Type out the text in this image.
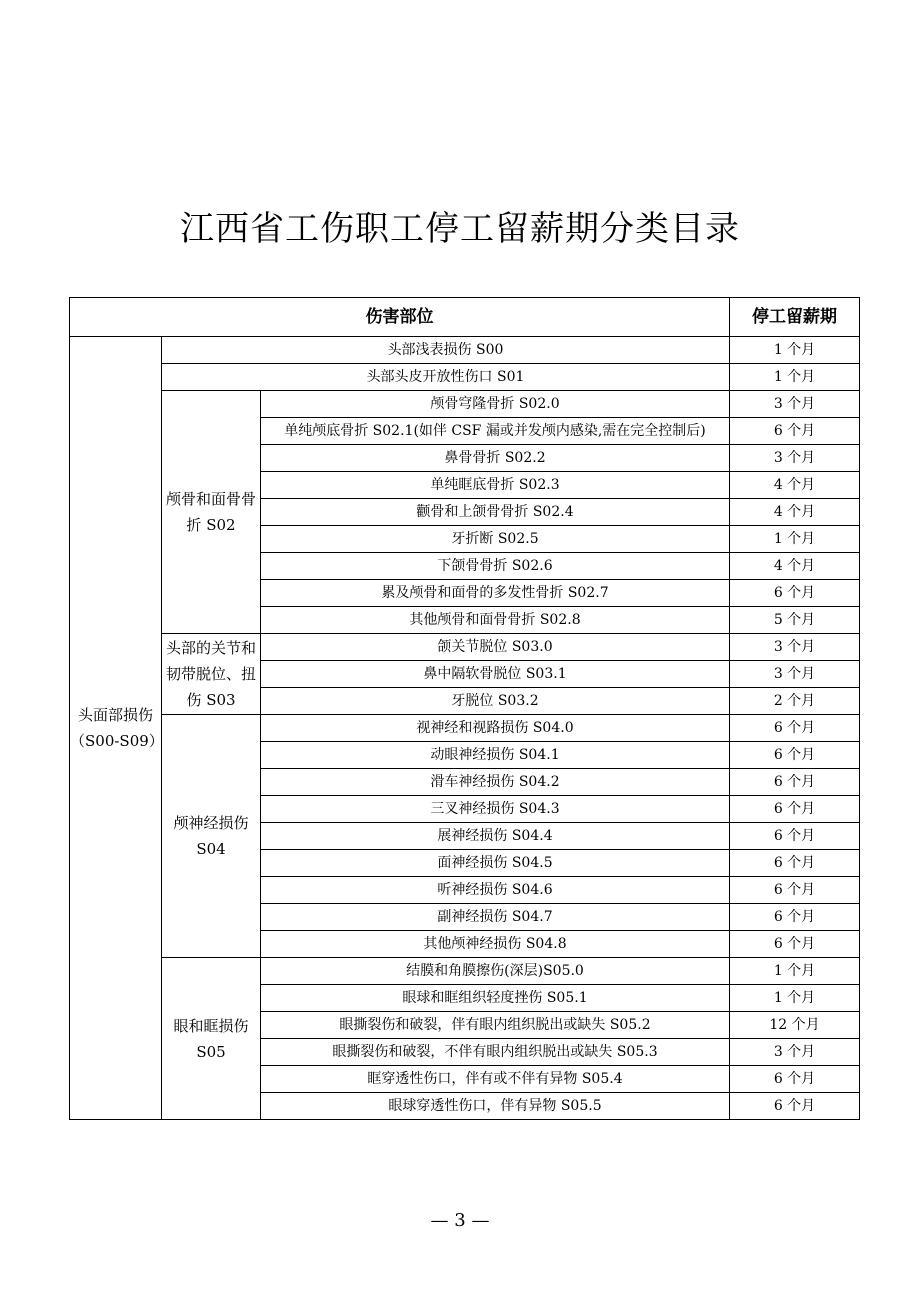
江西省工伤职工停工留薪期分类目录
伤害部位			停工留薪期
头面部损伤（S00-S09）	头部浅表损伤 S00		1 个月
	头部头皮开放性伤口 S01		1 个月
	颅骨和面骨骨折 S02	颅骨穹隆骨折 S02.0	3 个月
		单纯颅底骨折 S02.1(如伴 CSF 漏或并发颅内感染,需在完全控制后)	6 个月
		鼻骨骨折 S02.2	3 个月
		单纯眶底骨折 S02.3	4 个月
		颧骨和上颌骨骨折 S02.4	4 个月
		牙折断 S02.5	1 个月
		下颌骨骨折 S02.6	4 个月
		累及颅骨和面骨的多发性骨折 S02.7	6 个月
		其他颅骨和面骨骨折 S02.8	5 个月
	头部的关节和韧带脱位、扭伤 S03	颌关节脱位 S03.0	3 个月
		鼻中隔软骨脱位 S03.1	3 个月
		牙脱位 S03.2	2 个月
	颅神经损伤 S04	视神经和视路损伤 S04.0	6 个月
		动眼神经损伤 S04.1	6 个月
		滑车神经损伤 S04.2	6 个月
		三叉神经损伤 S04.3	6 个月
		展神经损伤 S04.4	6 个月
		面神经损伤 S04.5	6 个月
		听神经损伤 S04.6	6 个月
		副神经损伤 S04.7	6 个月
		其他颅神经损伤 S04.8	6 个月
	眼和眶损伤 S05	结膜和角膜擦伤(深层)S05.0	1 个月
		眼球和眶组织轻度挫伤 S05.1	1 个月
		眼撕裂伤和破裂，伴有眼内组织脱出或缺失 S05.2	12 个月
		眼撕裂伤和破裂，不伴有眼内组织脱出或缺失 S05.3	3 个月
		眶穿透性伤口，伴有或不伴有异物 S05.4	6 个月
		眼球穿透性伤口，伴有异物 S05.5	6 个月
— 3 —
